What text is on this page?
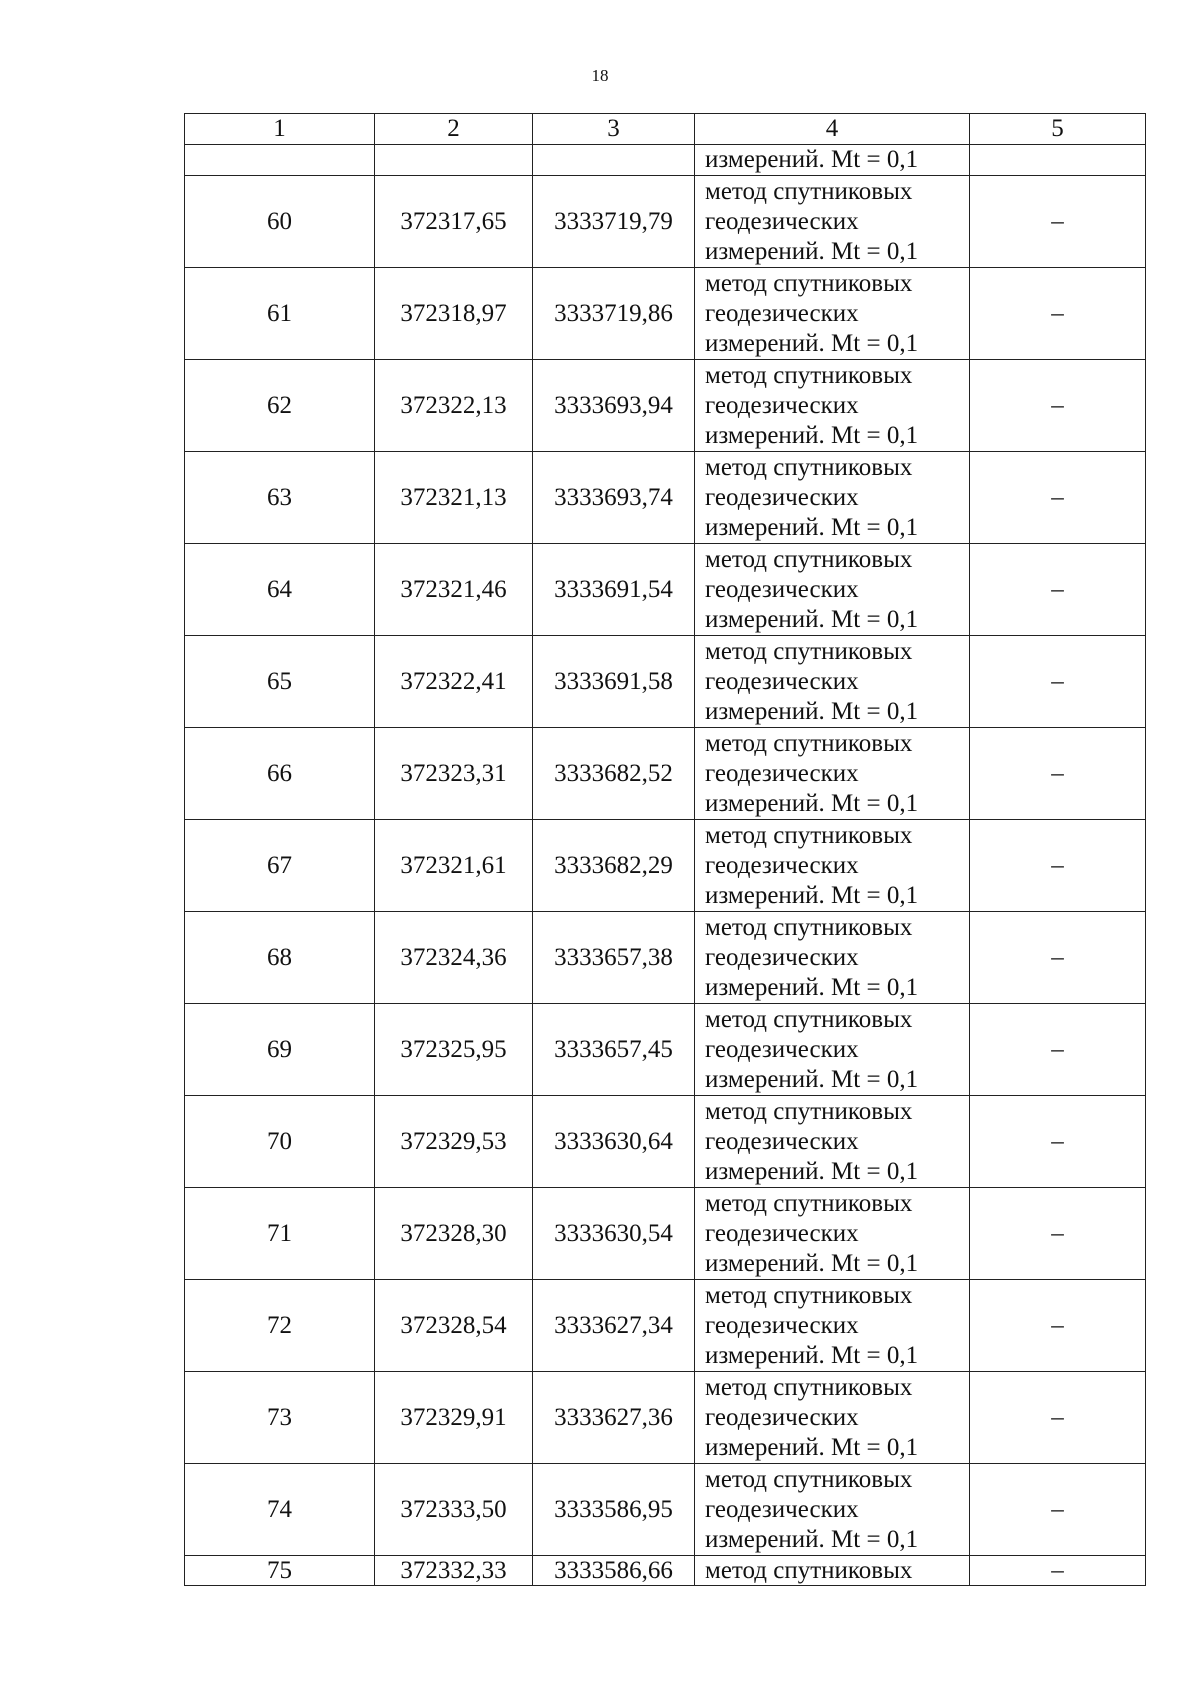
18
1	2	3	4	5
			измерений. Mt = 0,1	
60	372317,65	3333719,79	метод спутниковых
геодезических
измерений. Mt = 0,1	–
61	372318,97	3333719,86	метод спутниковых
геодезических
измерений. Mt = 0,1	–
62	372322,13	3333693,94	метод спутниковых
геодезических
измерений. Mt = 0,1	–
63	372321,13	3333693,74	метод спутниковых
геодезических
измерений. Mt = 0,1	–
64	372321,46	3333691,54	метод спутниковых
геодезических
измерений. Mt = 0,1	–
65	372322,41	3333691,58	метод спутниковых
геодезических
измерений. Mt = 0,1	–
66	372323,31	3333682,52	метод спутниковых
геодезических
измерений. Mt = 0,1	–
67	372321,61	3333682,29	метод спутниковых
геодезических
измерений. Mt = 0,1	–
68	372324,36	3333657,38	метод спутниковых
геодезических
измерений. Mt = 0,1	–
69	372325,95	3333657,45	метод спутниковых
геодезических
измерений. Mt = 0,1	–
70	372329,53	3333630,64	метод спутниковых
геодезических
измерений. Mt = 0,1	–
71	372328,30	3333630,54	метод спутниковых
геодезических
измерений. Mt = 0,1	–
72	372328,54	3333627,34	метод спутниковых
геодезических
измерений. Mt = 0,1	–
73	372329,91	3333627,36	метод спутниковых
геодезических
измерений. Mt = 0,1	–
74	372333,50	3333586,95	метод спутниковых
геодезических
измерений. Mt = 0,1	–
75	372332,33	3333586,66	метод спутниковых	–
